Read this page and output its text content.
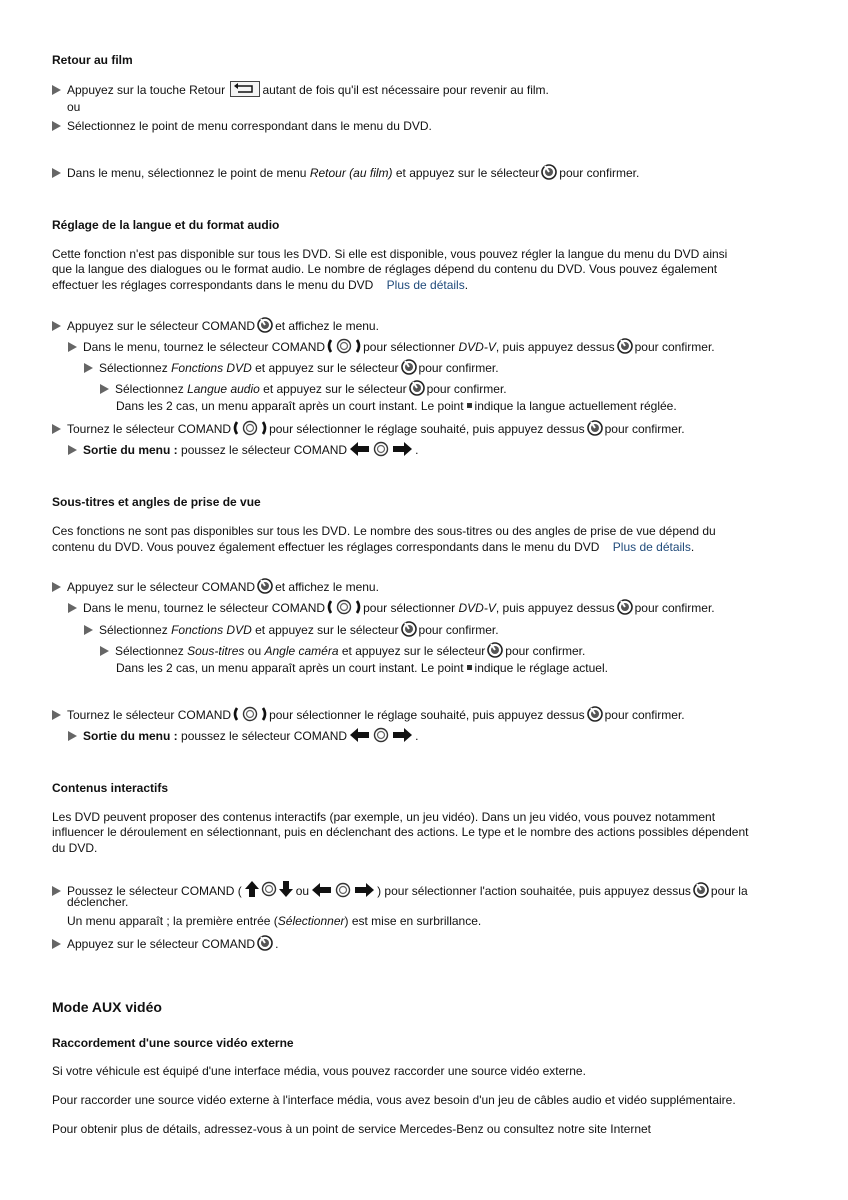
Retour au film
Appuyez sur la touche Retour	autant de fois qu'il est nécessaire pour revenir au film.
ou
Sélectionnez le point de menu correspondant dans le menu du DVD.
Dans le menu, sélectionnez le point de menu Retour (au film) et appuyez sur le sélecteur pour confirmer.
Réglage de la langue et du format audio
Cette fonction n'est pas disponible sur tous les DVD. Si elle est disponible, vous pouvez régler la langue du menu du DVD ainsi
que la langue des dialogues ou le format audio. Le nombre de réglages dépend du contenu du DVD. Vous pouvez également
effectuer les réglages correspondants dans le menu du DVD Plus de détails.
Appuyez sur le sélecteur COMAND et affichez le menu.
Dans le menu, tournez le sélecteur COMAND	pour sélectionner DVD-V, puis appuyez dessus pour confirmer.
Sélectionnez Fonctions DVD et appuyez sur le sélecteur pour confirmer.
Sélectionnez Langue audio et appuyez sur le sélecteur pour confirmer.
Dans les 2 cas, un menu apparaît après un court instant. Le point indique la langue actuellement réglée.
Tournez le sélecteur COMAND	pour sélectionner le réglage souhaité, puis appuyez dessus pour confirmer.
Sortie du menu : poussez le sélecteur COMAND	.
Sous-titres et angles de prise de vue
Ces fonctions ne sont pas disponibles sur tous les DVD. Le nombre des sous-titres ou des angles de prise de vue dépend du
contenu du DVD. Vous pouvez également effectuer les réglages correspondants dans le menu du DVD Plus de détails.
Appuyez sur le sélecteur COMAND et affichez le menu.
Dans le menu, tournez le sélecteur COMAND	pour sélectionner DVD-V, puis appuyez dessus pour confirmer.
Sélectionnez Fonctions DVD et appuyez sur le sélecteur pour confirmer.
Sélectionnez Sous-titres ou Angle caméra et appuyez sur le sélecteur pour confirmer.
Dans les 2 cas, un menu apparaît après un court instant. Le point indique le réglage actuel.
Tournez le sélecteur COMAND	pour sélectionner le réglage souhaité, puis appuyez dessus pour confirmer.
Sortie du menu : poussez le sélecteur COMAND	.
Contenus interactifs
Les DVD peuvent proposer des contenus interactifs (par exemple, un jeu vidéo). Dans un jeu vidéo, vous pouvez notamment
influencer le déroulement en sélectionnant, puis en déclenchant des actions. Le type et le nombre des actions possibles dépendent
du DVD.
Poussez le sélecteur COMAND (	ou	) pour sélectionner l'action souhaitée, puis appuyez dessus pour la
déclencher.
Un menu apparaît ; la première entrée (Sélectionner) est mise en surbrillance.
Appuyez sur le sélecteur COMAND .
Mode AUX vidéo
Raccordement d'une source vidéo externe
Si votre véhicule est équipé d'une interface média, vous pouvez raccorder une source vidéo externe.
Pour raccorder une source vidéo externe à l'interface média, vous avez besoin d'un jeu de câbles audio et vidéo supplémentaire.
Pour obtenir plus de détails, adressez-vous à un point de service Mercedes-Benz ou consultez notre site Internet
